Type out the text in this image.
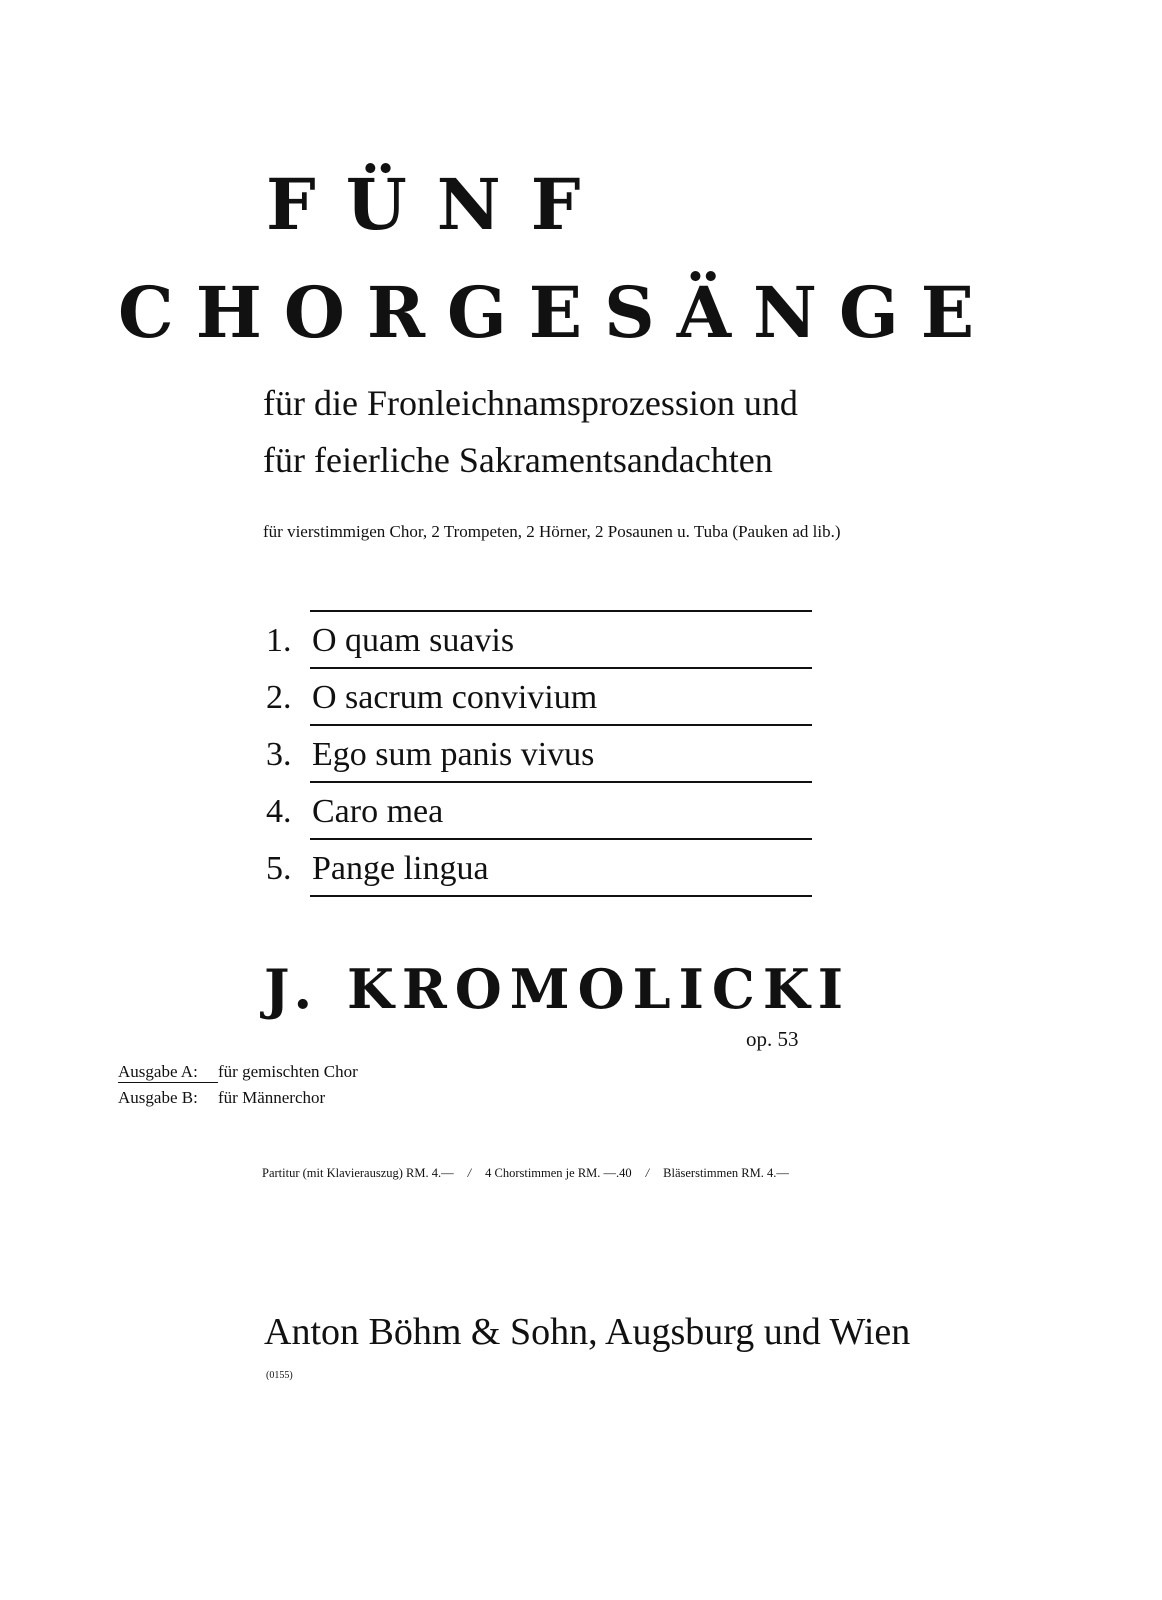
FÜNF
CHORGESÄNGE
für die Fronleichnamsprozession und
für feierliche Sakramentsandachten
für vierstimmigen Chor, 2 Trompeten, 2 Hörner, 2 Posaunen u. Tuba (Pauken ad lib.)
1. O quam suavis
2. O sacrum convivium
3. Ego sum panis vivus
4. Caro mea
5. Pange lingua
J. KROMOLICKI
op. 53
Ausgabe A: für gemischten Chor
Ausgabe B: für Männerchor
Partitur (mit Klavierauszug) RM. 4.— / 4 Chorstimmen je RM. —.40 / Bläserstimmen RM. 4.—
Anton Böhm & Sohn, Augsburg und Wien
(0155)
